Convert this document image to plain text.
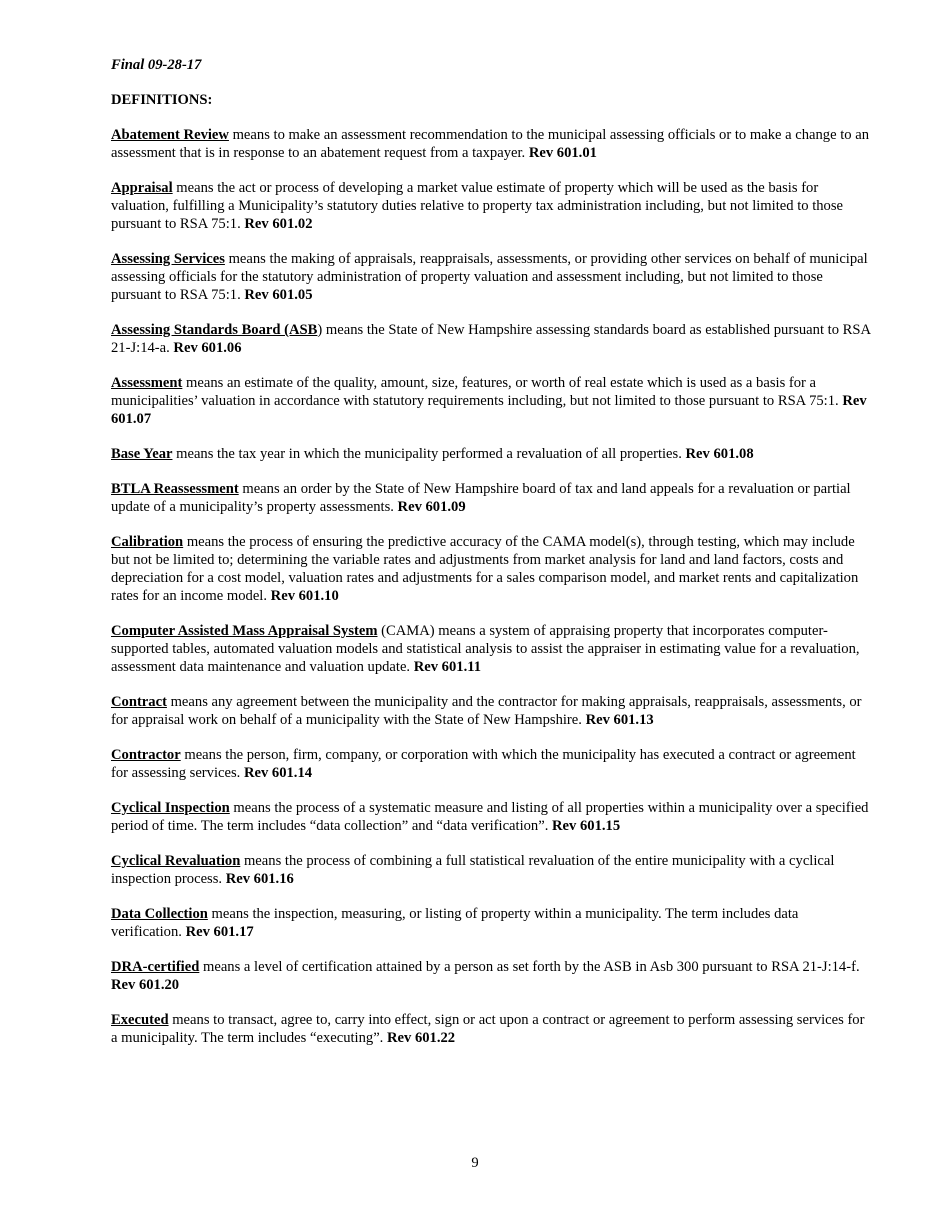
Final 09-28-17

DEFINITIONS:

Abatement Review means to make an assessment recommendation to the municipal assessing officials or to make a change to an assessment that is in response to an abatement request from a taxpayer. Rev 601.01

Appraisal means the act or process of developing a market value estimate of property which will be used as the basis for valuation, fulfilling a Municipality’s statutory duties relative to property tax administration including, but not limited to those pursuant to RSA 75:1. Rev 601.02

Assessing Services means the making of appraisals, reappraisals, assessments, or providing other services on behalf of municipal assessing officials for the statutory administration of property valuation and assessment including, but not limited to those pursuant to RSA 75:1. Rev 601.05

Assessing Standards Board (ASB) means the State of New Hampshire assessing standards board as established pursuant to RSA 21-J:14-a. Rev 601.06

Assessment means an estimate of the quality, amount, size, features, or worth of real estate which is used as a basis for a municipalities’ valuation in accordance with statutory requirements including, but not limited to those pursuant to RSA 75:1. Rev 601.07

Base Year means the tax year in which the municipality performed a revaluation of all properties. Rev 601.08

BTLA Reassessment means an order by the State of New Hampshire board of tax and land appeals for a revaluation or partial update of a municipality’s property assessments. Rev 601.09

Calibration means the process of ensuring the predictive accuracy of the CAMA model(s), through testing, which may include but not be limited to; determining the variable rates and adjustments from market analysis for land and land factors, costs and depreciation for a cost model, valuation rates and adjustments for a sales comparison model, and market rents and capitalization rates for an income model. Rev 601.10

Computer Assisted Mass Appraisal System (CAMA) means a system of appraising property that incorporates computer-supported tables, automated valuation models and statistical analysis to assist the appraiser in estimating value for a revaluation, assessment data maintenance and valuation update. Rev 601.11

Contract means any agreement between the municipality and the contractor for making appraisals, reappraisals, assessments, or for appraisal work on behalf of a municipality with the State of New Hampshire. Rev 601.13

Contractor means the person, firm, company, or corporation with which the municipality has executed a contract or agreement for assessing services. Rev 601.14

Cyclical Inspection means the process of a systematic measure and listing of all properties within a municipality over a specified period of time. The term includes “data collection” and “data verification”. Rev 601.15

Cyclical Revaluation means the process of combining a full statistical revaluation of the entire municipality with a cyclical inspection process. Rev 601.16

Data Collection means the inspection, measuring, or listing of property within a municipality. The term includes data verification. Rev 601.17

DRA-certified means a level of certification attained by a person as set forth by the ASB in Asb 300 pursuant to RSA 21-J:14-f. Rev 601.20

Executed means to transact, agree to, carry into effect, sign or act upon a contract or agreement to perform assessing services for a municipality. The term includes “executing”. Rev 601.22

9
